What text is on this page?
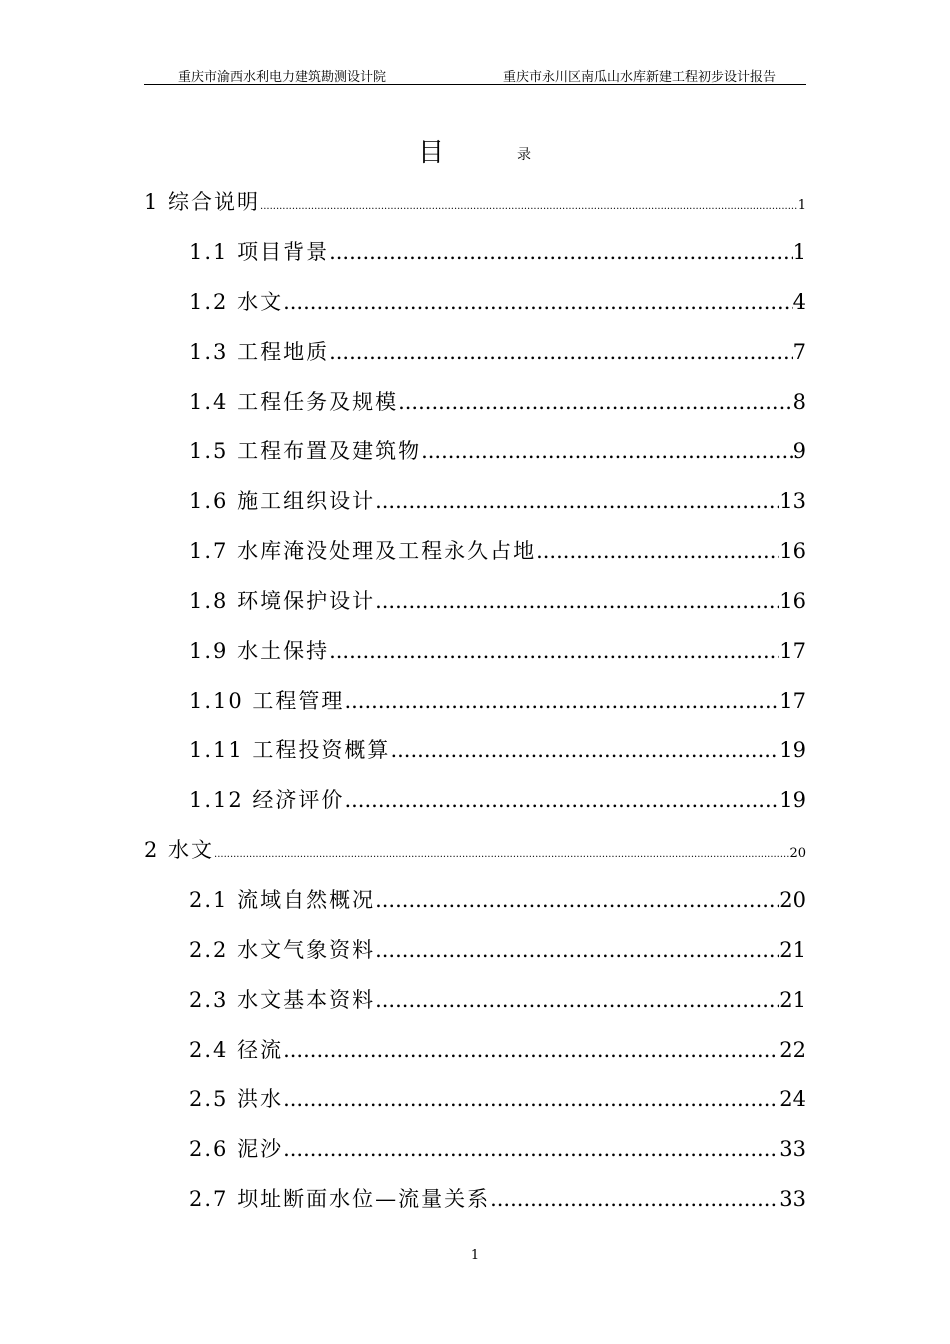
重庆市渝西水利电力建筑勘测设计院	重庆市永川区南瓜山水库新建工程初步设计报告
目	录
1 综合说明 .....	1
1.1 项目背景 .....	1
1.2 水文 .....	4
1.3 工程地质 .....	7
1.4 工程任务及规模 .....	8
1.5 工程布置及建筑物 .....	9
1.6 施工组织设计 .....	13
1.7 水库淹没处理及工程永久占地 .....	16
1.8 环境保护设计 .....	16
1.9 水土保持 .....	17
1.10 工程管理 .....	17
1.11 工程投资概算 .....	19
1.12 经济评价 .....	19
2 水文 .....	20
2.1 流域自然概况 .....	20
2.2 水文气象资料 .....	21
2.3 水文基本资料 .....	21
2.4 径流 .....	22
2.5 洪水 .....	24
2.6 泥沙 .....	33
2.7 坝址断面水位—流量关系 .....	33
1
